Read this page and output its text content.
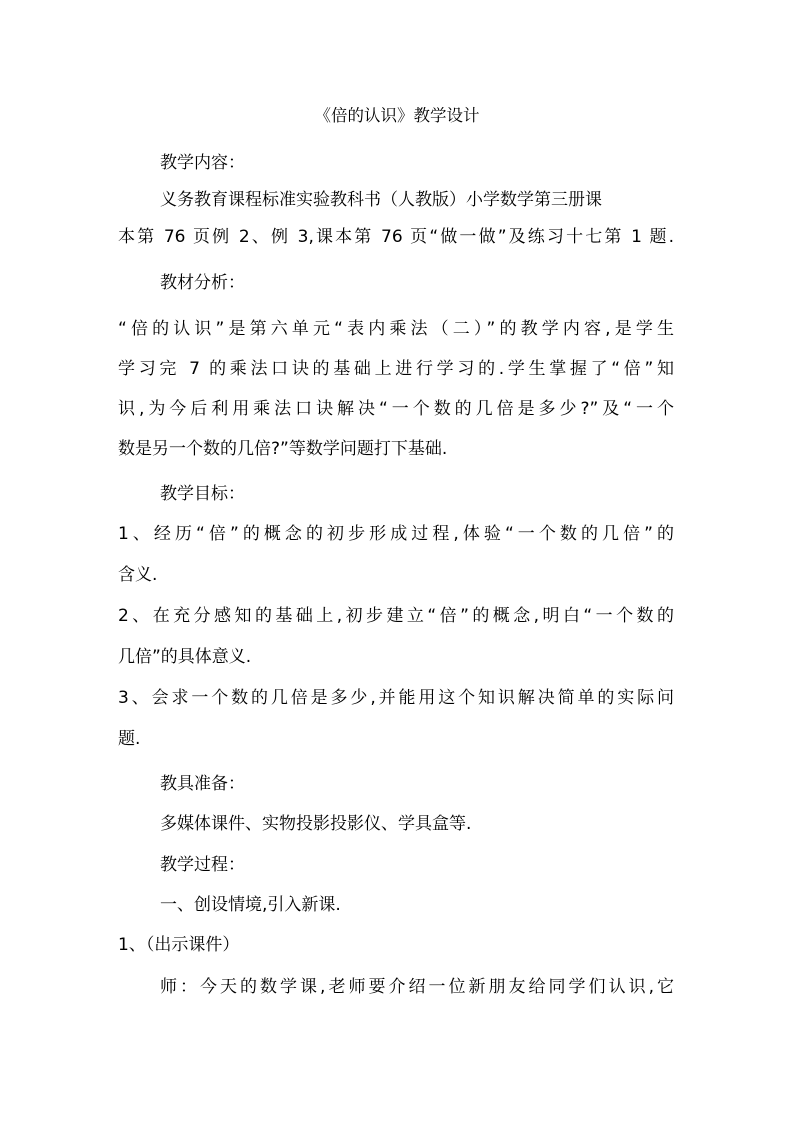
《倍的认识》教学设计
教学内容：
义务教育课程标准实验教科书（人教版）小学数学第三册课
本第 76 页例 2、例 3,课本第 76 页“做一做”及练习十七第 1 题.
教材分析：
“倍的认识”是第六单元“表内乘法（二）”的教学内容,是学生
学习完 7 的乘法口诀的基础上进行学习的.学生掌握了“倍”知
识,为今后利用乘法口诀解决“一个数的几倍是多少?”及“一个
数是另一个数的几倍?”等数学问题打下基础.
教学目标：
1、经历“倍”的概念的初步形成过程,体验“一个数的几倍”的
含义.
2、在充分感知的基础上,初步建立“倍”的概念,明白“一个数的
几倍”的具体意义.
3、会求一个数的几倍是多少,并能用这个知识解决简单的实际问
题.
教具准备：
多媒体课件、实物投影投影仪、学具盒等.
教学过程：
一、创设情境,引入新课.
1、（出示课件）
师：今天的数学课,老师要介绍一位新朋友给同学们认识,它
